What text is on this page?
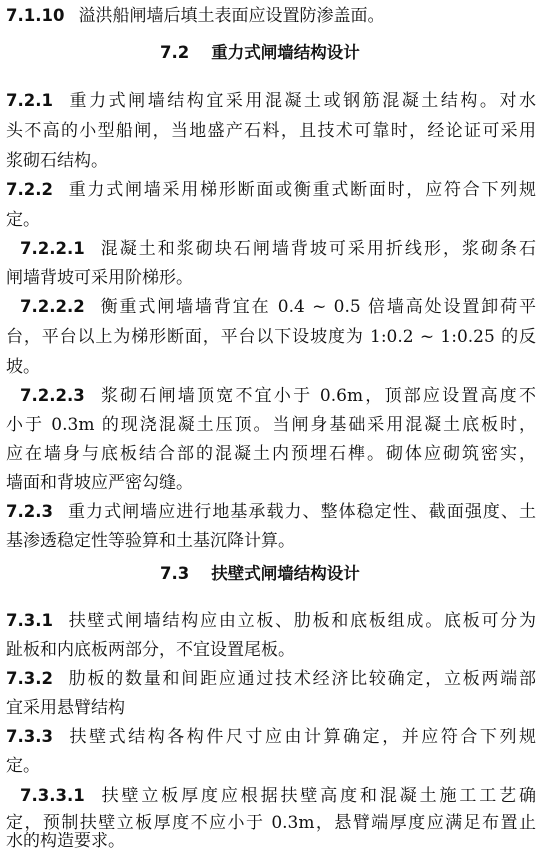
7.1.10 溢洪船闸墙后填土表面应设置防渗盖面。
7.2 重力式闸墙结构设计
7.2.1 重力式闸墙结构宜采用混凝土或钢筋混凝土结构。对水
头不高的小型船闸，当地盛产石料，且技术可靠时，经论证可采用
浆砌石结构。
7.2.2 重力式闸墙采用梯形断面或衡重式断面时，应符合下列规
定。
7.2.2.1 混凝土和浆砌块石闸墙背坡可采用折线形，浆砌条石
闸墙背坡可采用阶梯形。
7.2.2.2 衡重式闸墙墙背宜在 0.4 ~ 0.5 倍墙高处设置卸荷平
台，平台以上为梯形断面，平台以下设坡度为 1:0.2 ~ 1:0.25 的反
坡。
7.2.2.3 浆砌石闸墙顶宽不宜小于 0.6m，顶部应设置高度不
小于 0.3m 的现浇混凝土压顶。当闸身基础采用混凝土底板时，
应在墙身与底板结合部的混凝土内预埋石榫。砌体应砌筑密实，
墙面和背坡应严密勾缝。
7.2.3 重力式闸墙应进行地基承载力、整体稳定性、截面强度、土
基渗透稳定性等验算和土基沉降计算。
7.3 扶壁式闸墙结构设计
7.3.1 扶壁式闸墙结构应由立板、肋板和底板组成。底板可分为
趾板和内底板两部分，不宜设置尾板。
7.3.2 肋板的数量和间距应通过技术经济比较确定，立板两端部
宜采用悬臂结构
7.3.3 扶壁式结构各构件尺寸应由计算确定，并应符合下列规
定。
7.3.3.1 扶壁立板厚度应根据扶壁高度和混凝土施工工艺确
定，预制扶壁立板厚度不应小于 0.3m，悬臂端厚度应满足布置止
水的构造要求。
